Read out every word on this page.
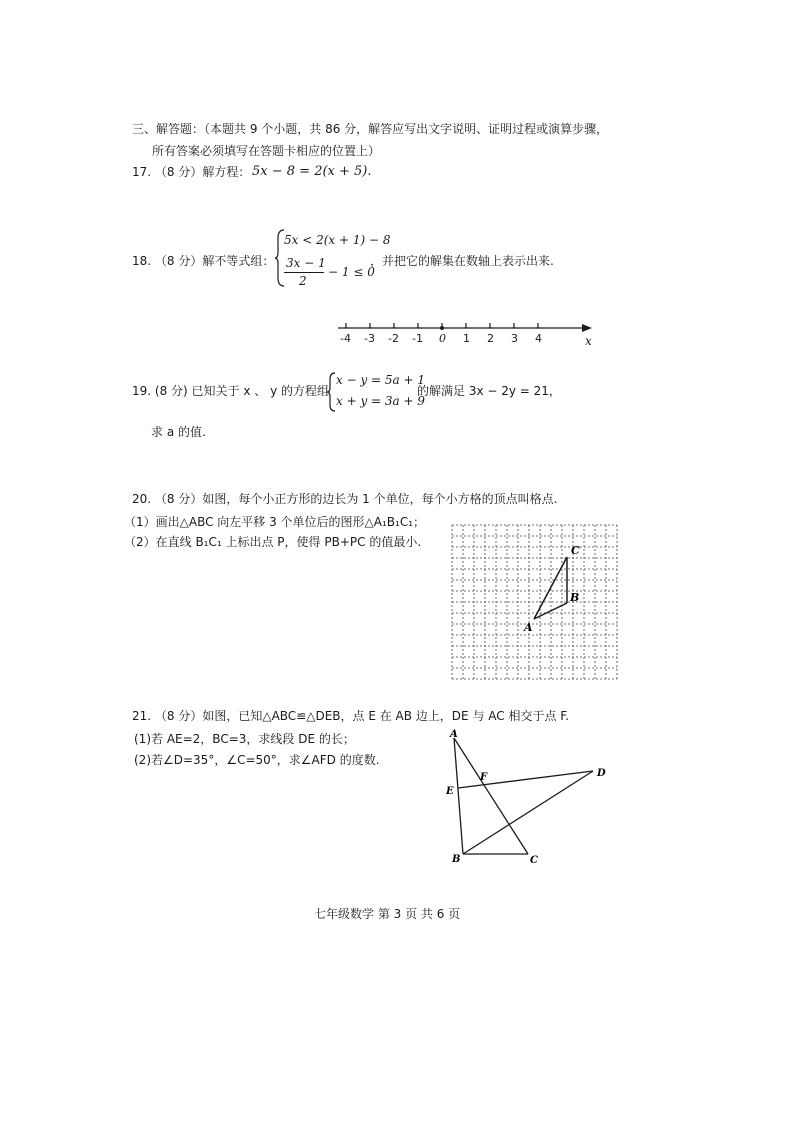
三、解答题：（本题共 9 个小题，共 86 分，解答应写出文字说明、证明过程或演算步骤，
所有答案必须填写在答题卡相应的位置上）
17. （8 分）解方程： 5x − 8 = 2(x + 5).
18. （8 分）解不等式组：
5x < 2(x + 1) − 8
3x − 1
2
− 1 ≤ 0
，并把它的解集在数轴上表示出来.
-4 -3 -2 -1 0 1 2 3 4	x
19. (8 分) 已知关于 x 、 y 的方程组
x − y = 5a + 1
x + y = 3a + 9
的解满足 3x − 2y = 21，
求 a 的值.
20. （8 分）如图，每个小正方形的边长为 1 个单位，每个小方格的顶点叫格点.
（1）画出△ABC 向左平移 3 个单位后的图形△A₁B₁C₁；
（2）在直线 B₁C₁ 上标出点 P，使得 PB+PC 的值最小.
A
B
C
21. （8 分）如图，已知△ABC≌△DEB，点 E 在 AB 边上，DE 与 AC 相交于点 F.
(1)若 AE=2，BC=3，求线段 DE 的长；
(2)若∠D=35°，∠C=50°，求∠AFD 的度数.
A
B	C
D
E
F
七年级数学 第 3 页 共 6 页
